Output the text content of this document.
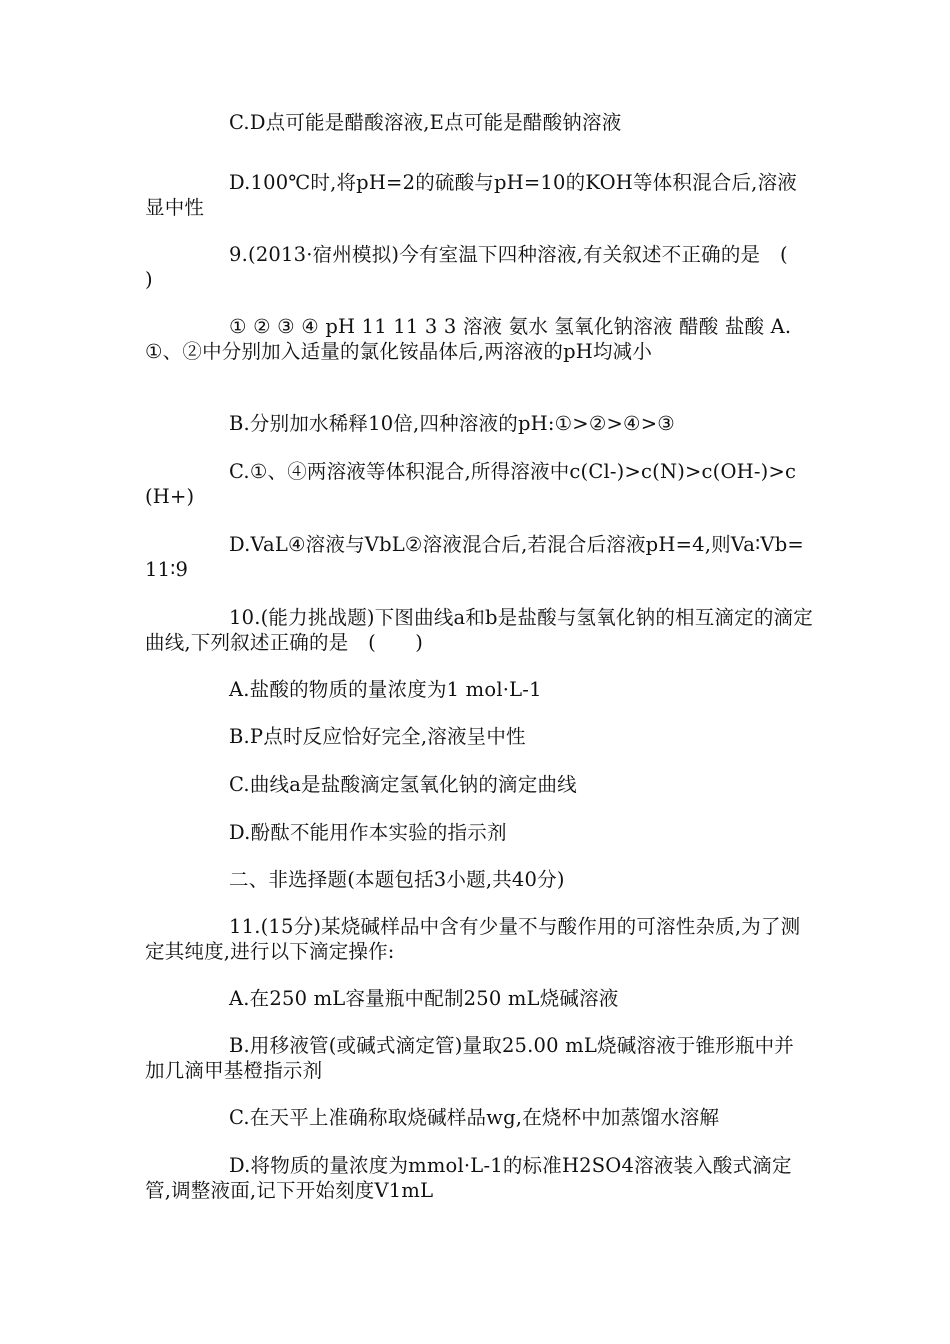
C.D点可能是醋酸溶液,E点可能是醋酸钠溶液

D.100℃时,将pH=2的硫酸与pH=10的KOH等体积混合后,溶液显中性

9.(2013·宿州模拟)今有室温下四种溶液,有关叙述不正确的是　(　　)

① ② ③ ④ pH 11 11 3 3 溶液 氨水 氢氧化钠溶液 醋酸 盐酸 A.①、②中分别加入适量的氯化铵晶体后,两溶液的pH均减小

B.分别加水稀释10倍,四种溶液的pH:①>②>④>③

C.①、④两溶液等体积混合,所得溶液中c(Cl-)>c(N)>c(OH-)>c(H+)

D.VaL④溶液与VbL②溶液混合后,若混合后溶液pH=4,则Va∶Vb=11∶9

10.(能力挑战题)下图曲线a和b是盐酸与氢氧化钠的相互滴定的滴定曲线,下列叙述正确的是　(　　)

A.盐酸的物质的量浓度为1 mol·L-1

B.P点时反应恰好完全,溶液呈中性

C.曲线a是盐酸滴定氢氧化钠的滴定曲线

D.酚酞不能用作本实验的指示剂

二、非选择题(本题包括3小题,共40分)

11.(15分)某烧碱样品中含有少量不与酸作用的可溶性杂质,为了测定其纯度,进行以下滴定操作:

A.在250 mL容量瓶中配制250 mL烧碱溶液

B.用移液管(或碱式滴定管)量取25.00 mL烧碱溶液于锥形瓶中并加几滴甲基橙指示剂

C.在天平上准确称取烧碱样品wg,在烧杯中加蒸馏水溶解

D.将物质的量浓度为mmol·L-1的标准H2SO4溶液装入酸式滴定管,调整液面,记下开始刻度V1mL
